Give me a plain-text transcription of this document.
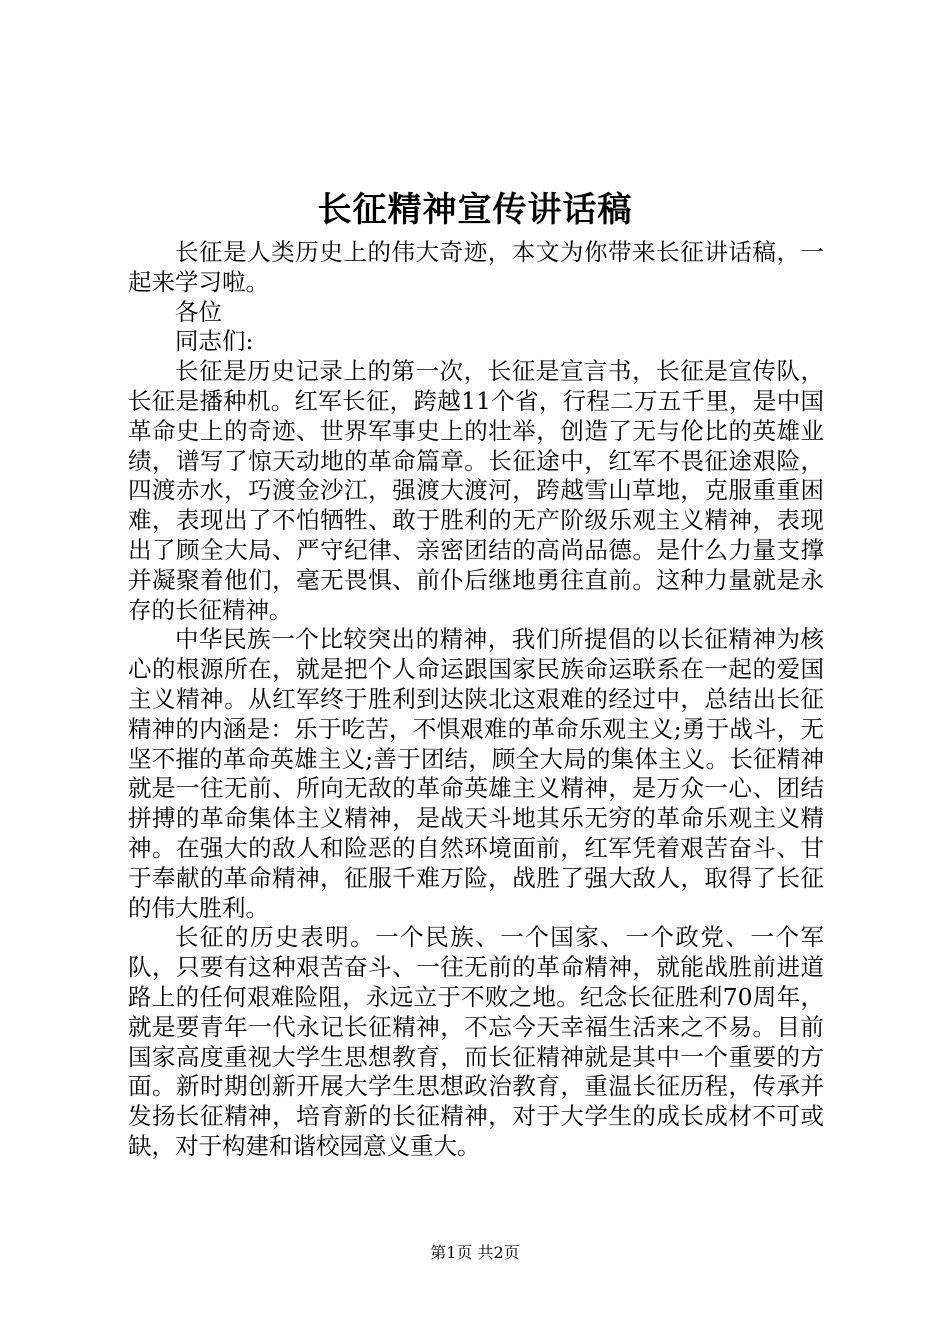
长征精神宣传讲话稿

长征是人类历史上的伟大奇迹，本文为你带来长征讲话稿，一起来学习啦。

各位

同志们:

长征是历史记录上的第一次，长征是宣言书，长征是宣传队，长征是播种机。红军长征，跨越11个省，行程二万五千里，是中国革命史上的奇迹、世界军事史上的壮举，创造了无与伦比的英雄业绩，谱写了惊天动地的革命篇章。长征途中，红军不畏征途艰险，四渡赤水，巧渡金沙江，强渡大渡河，跨越雪山草地，克服重重困难，表现出了不怕牺牲、敢于胜利的无产阶级乐观主义精神，表现出了顾全大局、严守纪律、亲密团结的高尚品德。是什么力量支撑并凝聚着他们，毫无畏惧、前仆后继地勇往直前。这种力量就是永存的长征精神。

中华民族一个比较突出的精神，我们所提倡的以长征精神为核心的根源所在，就是把个人命运跟国家民族命运联系在一起的爱国主义精神。从红军终于胜利到达陕北这艰难的经过中，总结出长征精神的内涵是：乐于吃苦，不惧艰难的革命乐观主义;勇于战斗，无坚不摧的革命英雄主义;善于团结，顾全大局的集体主义。长征精神就是一往无前、所向无敌的革命英雄主义精神，是万众一心、团结拼搏的革命集体主义精神，是战天斗地其乐无穷的革命乐观主义精神。在强大的敌人和险恶的自然环境面前，红军凭着艰苦奋斗、甘于奉献的革命精神，征服千难万险，战胜了强大敌人，取得了长征的伟大胜利。

长征的历史表明。一个民族、一个国家、一个政党、一个军队，只要有这种艰苦奋斗、一往无前的革命精神，就能战胜前进道路上的任何艰难险阻，永远立于不败之地。纪念长征胜利70周年，就是要青年一代永记长征精神，不忘今天幸福生活来之不易。目前国家高度重视大学生思想教育，而长征精神就是其中一个重要的方面。新时期创新开展大学生思想政治教育，重温长征历程，传承并发扬长征精神，培育新的长征精神，对于大学生的成长成材不可或缺，对于构建和谐校园意义重大。

第1页 共2页
